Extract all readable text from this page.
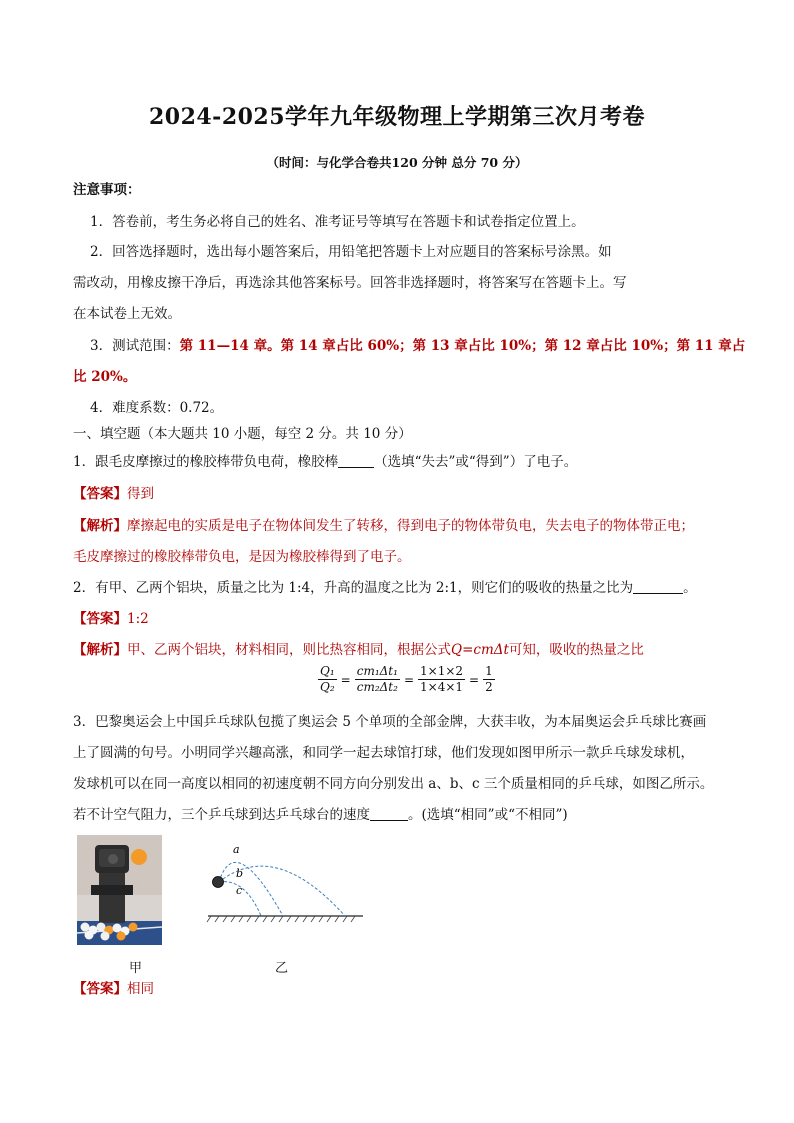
2024-2025学年九年级物理上学期第三次月考卷
（时间：与化学合卷共120 分钟 总分 70 分）
注意事项：
1．答卷前，考生务必将自己的姓名、准考证号等填写在答题卡和试卷指定位置上。
2．回答选择题时，选出每小题答案后，用铅笔把答题卡上对应题目的答案标号涂黑。如
需改动，用橡皮擦干净后，再选涂其他答案标号。回答非选择题时，将答案写在答题卡上。写
在本试卷上无效。
3．测试范围：第 11—14 章。第 14 章占比 60%；第 13 章占比 10%；第 12 章占比 10%；第 11 章占
比 20%。
4．难度系数：0.72。
一、填空题（本大题共 10 小题，每空 2 分。共 10 分）
1．跟毛皮摩擦过的橡胶棒带负电荷，橡胶棒	（选填“失去”或“得到”）了电子。
【答案】得到
【解析】摩擦起电的实质是电子在物体间发生了转移，得到电子的物体带负电，失去电子的物体带正电；
毛皮摩擦过的橡胶棒带负电，是因为橡胶棒得到了电子。
2．有甲、乙两个铝块，质量之比为 1:4，升高的温度之比为 2:1，则它们的吸收的热量之比为	。
【答案】1:2
【解析】甲、乙两个铝块，材料相同，则比热容相同，根据公式Q=cmΔt可知，吸收的热量之比
$\frac{\text{Q₁}}{\text{Q₂}} = \frac{\text{cm₁Δt₁}}{\text{cm₂Δt₂}} = \frac{1\times 1\times 2}{1\times 4\times 1} = \frac{1}{2}$
3．巴黎奥运会上中国乒乓球队包揽了奥运会 5 个单项的全部金牌，大获丰收，为本届奥运会乒乓球比赛画
上了圆满的句号。小明同学兴趣高涨，和同学一起去球馆打球，他们发现如图甲所示一款乒乓球发球机，
发球机可以在同一高度以相同的初速度朝不同方向分别发出 a、b、c 三个质量相同的乒乓球，如图乙所示。
若不计空气阻力，三个乒乓球到达乒乓球台的速度	。(选填“相同”或“不相同”)
a
b
c
甲	乙
【答案】相同
